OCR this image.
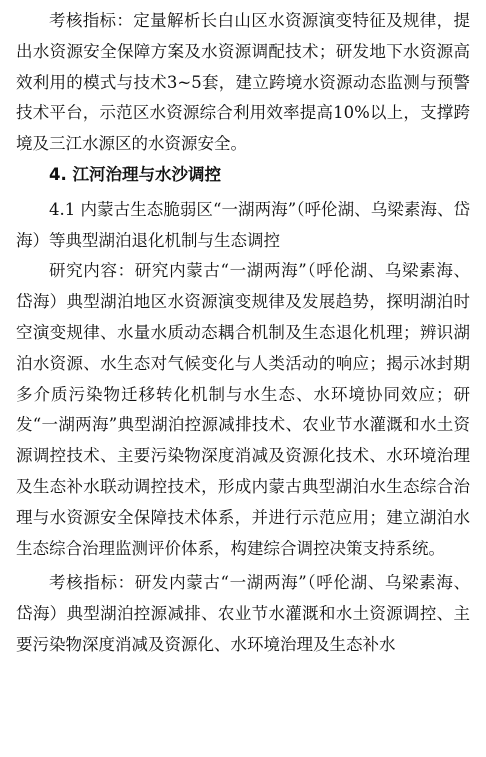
考核指标：定量解析长白山区水资源演变特征及规律，提出水资源安全保障方案及水资源调配技术；研发地下水资源高效利用的模式与技术3~5套，建立跨境水资源动态监测与预警技术平台，示范区水资源综合利用效率提高10%以上，支撑跨境及三江水源区的水资源安全。

4. 江河治理与水沙调控

4.1 内蒙古生态脆弱区“一湖两海”（呼伦湖、乌梁素海、岱海）等典型湖泊退化机制与生态调控

研究内容：研究内蒙古“一湖两海”（呼伦湖、乌梁素海、岱海）典型湖泊地区水资源演变规律及发展趋势，探明湖泊时空演变规律、水量水质动态耦合机制及生态退化机理；辨识湖泊水资源、水生态对气候变化与人类活动的响应；揭示冰封期多介质污染物迁移转化机制与水生态、水环境协同效应；研发“一湖两海”典型湖泊控源减排技术、农业节水灌溉和水土资源调控技术、主要污染物深度消减及资源化技术、水环境治理及生态补水联动调控技术，形成内蒙古典型湖泊水生态综合治理与水资源安全保障技术体系，并进行示范应用；建立湖泊水生态综合治理监测评价体系，构建综合调控决策支持系统。

考核指标：研发内蒙古“一湖两海”（呼伦湖、乌梁素海、岱海）典型湖泊控源减排、农业节水灌溉和水土资源调控、主要污染物深度消减及资源化、水环境治理及生态补水
